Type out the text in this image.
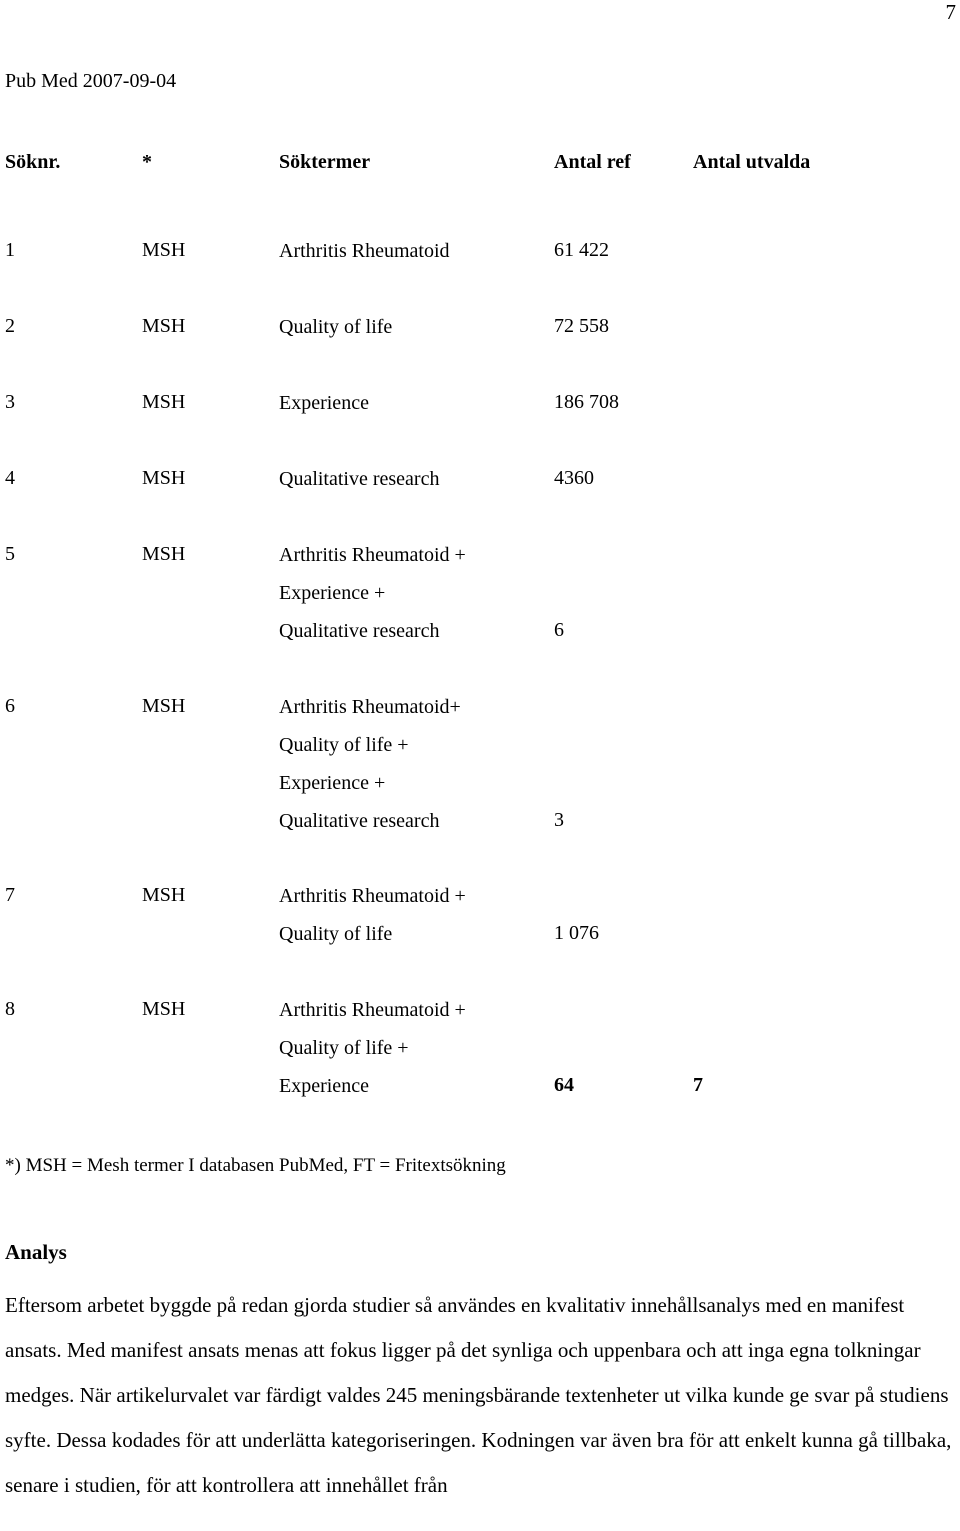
7
Pub Med 2007-09-04
Söknr.	*	Söktermer	Antal ref	Antal utvalda
1	MSH	Arthritis Rheumatoid	61 422
2	MSH	Quality of life	72 558
3	MSH	Experience	186 708
4	MSH	Qualitative research	4360
5	MSH	Arthritis Rheumatoid +
Experience +
Qualitative research	6
6	MSH	Arthritis Rheumatoid+
Quality of life +
Experience +
Qualitative research	3
7	MSH	Arthritis Rheumatoid +
Quality of life	1 076
8	MSH	Arthritis Rheumatoid +
Quality of life +
Experience	64	7
*) MSH = Mesh termer I databasen PubMed, FT = Fritextsökning
Analys
Eftersom arbetet byggde på redan gjorda studier så användes en kvalitativ innehållsanalys med en manifest ansats. Med manifest ansats menas att fokus ligger på det synliga och uppenbara och att inga egna tolkningar medges. När artikelurvalet var färdigt valdes 245 meningsbärande textenheter ut vilka kunde ge svar på studiens syfte. Dessa kodades för att underlätta kategoriseringen. Kodningen var även bra för att enkelt kunna gå tillbaka, senare i studien, för att kontrollera att innehållet från
